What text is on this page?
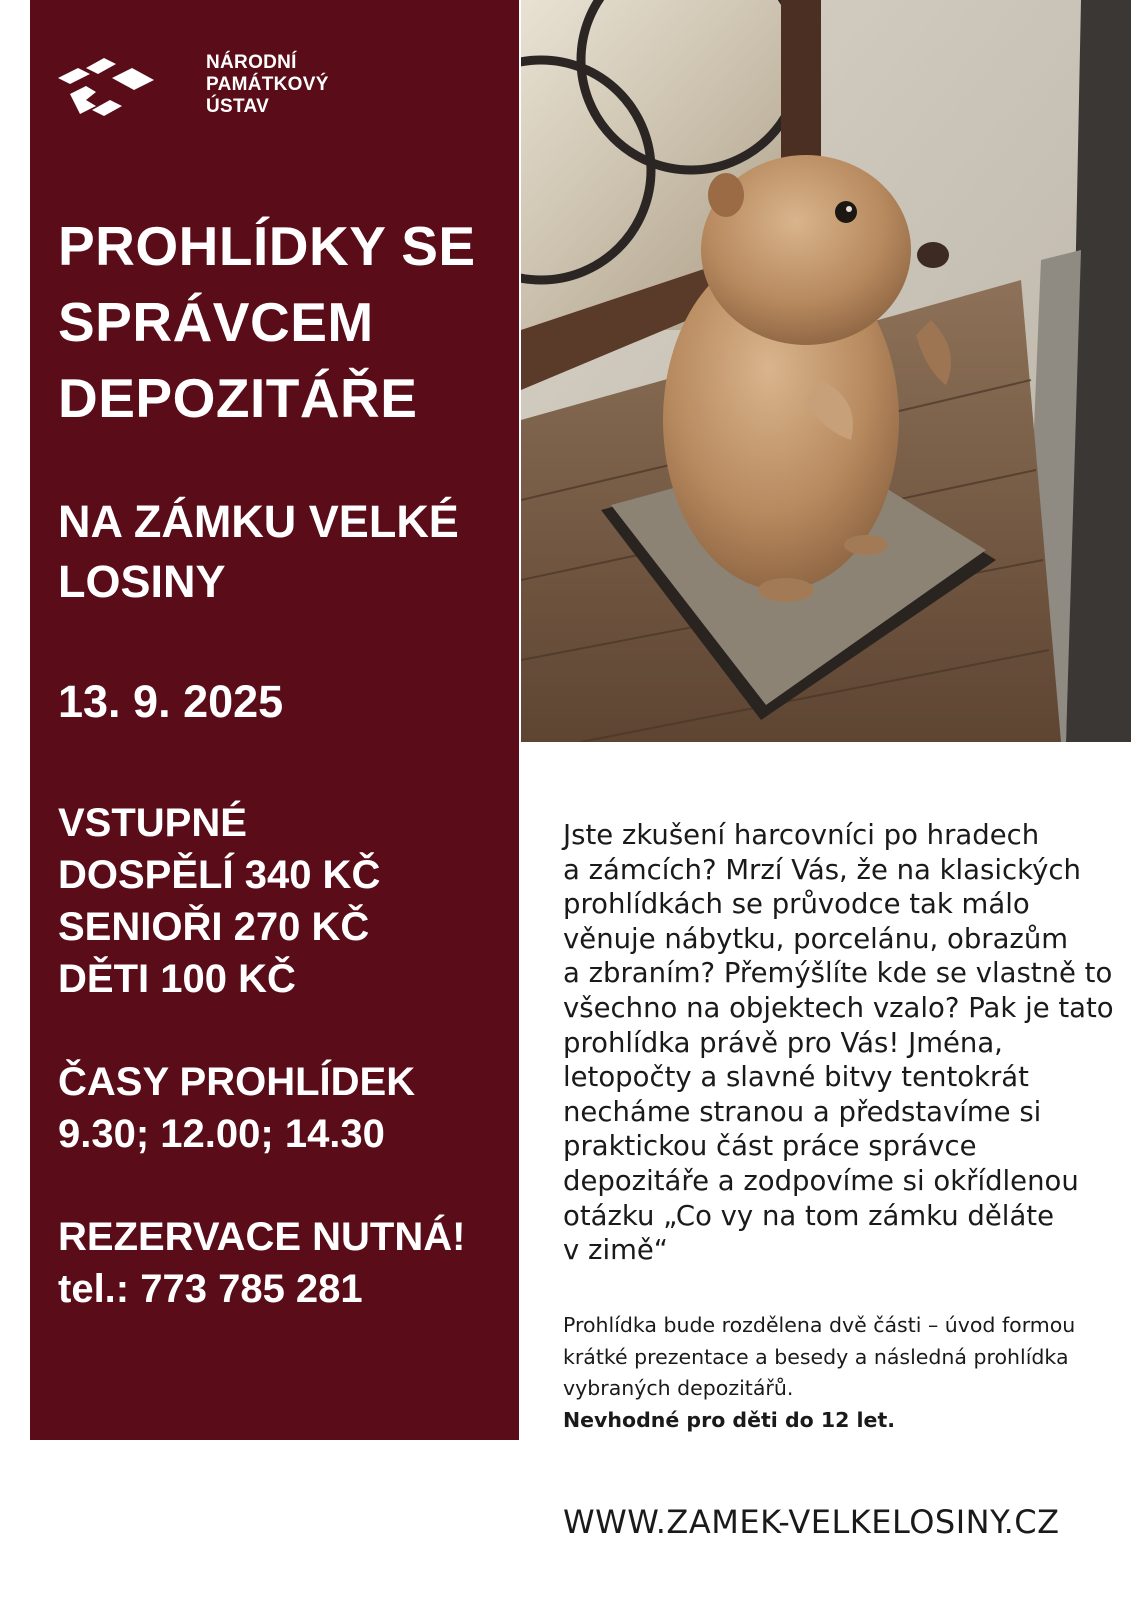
NÁRODNÍ
PAMÁTKOVÝ
ÚSTAV
PROHLÍDKY SE
SPRÁVCEM
DEPOZITÁŘE
NA ZÁMKU VELKÉ
LOSINY
13. 9. 2025
VSTUPNÉ
DOSPĚLÍ 340 KČ
SENIOŘI 270 KČ
DĚTI 100 KČ
ČASY PROHLÍDEK
9.30; 12.00; 14.30
REZERVACE NUTNÁ!
tel.: 773 785 281
Jste zkušení harcovníci po hradech
a zámcích? Mrzí Vás, že na klasických
prohlídkách se průvodce tak málo
věnuje nábytku, porcelánu, obrazům
a zbraním? Přemýšlíte kde se vlastně to
všechno na objektech vzalo? Pak je tato
prohlídka právě pro Vás! Jména,
letopočty a slavné bitvy tentokrát
necháme stranou a představíme si
praktickou část práce správce
depozitáře a zodpovíme si okřídlenou
otázku „Co vy na tom zámku děláte
v zimě“
Prohlídka bude rozdělena dvě části – úvod formou
krátké prezentace a besedy a následná prohlídka
vybraných depozitářů.
Nevhodné pro děti do 12 let.
WWW.ZAMEK-VELKELOSINY.CZ
